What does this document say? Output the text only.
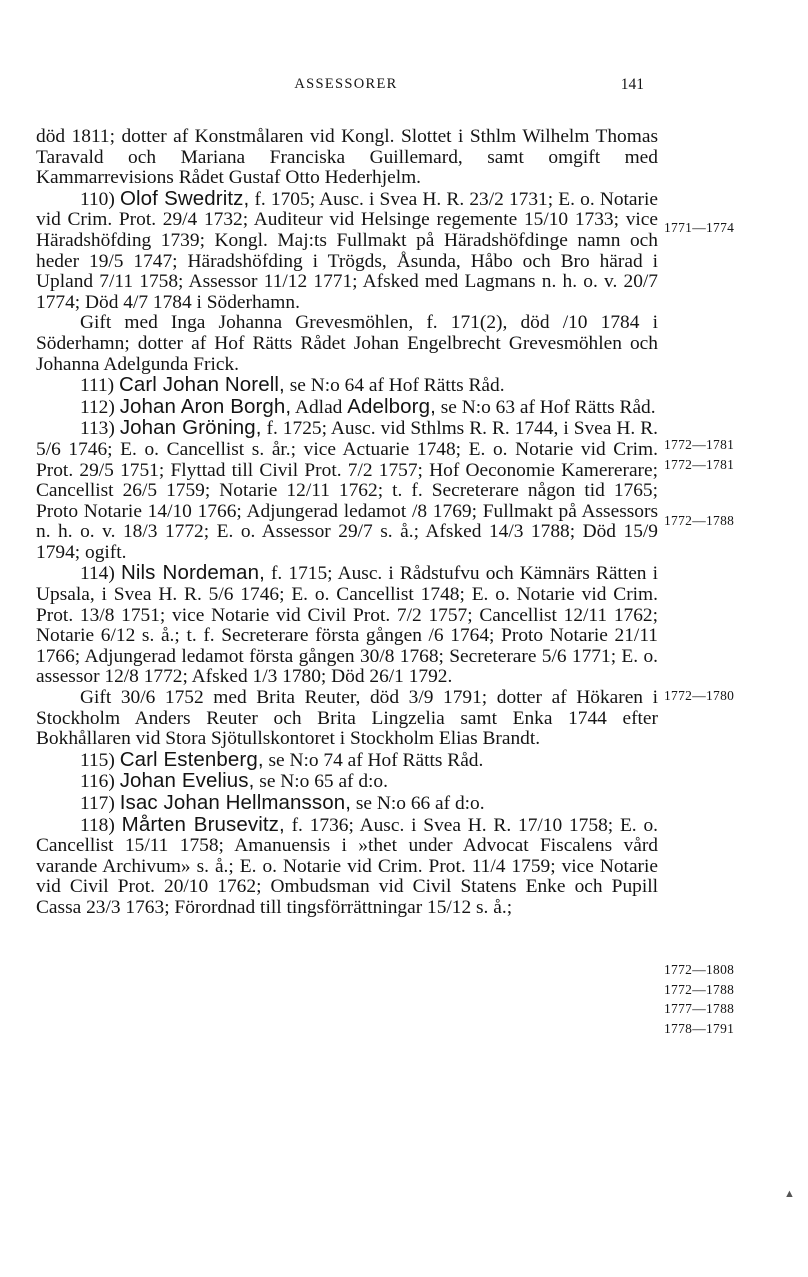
ASSESSORER	141

död 1811; dotter af Konstmålaren vid Kongl. Slottet i Sthlm Wilhelm Thomas Taravald och Mariana Franciska Guillemard, samt omgift med Kammarrevisions Rådet Gustaf Otto Hederhjelm.

110) Olof Swedritz, f. 1705; Ausc. i Svea H. R. 23/2 1731; E. o. Notarie vid Crim. Prot. 29/4 1732; Auditeur vid Helsinge regemente 15/10 1733; vice Häradshöfding 1739; Kongl. Maj:ts Fullmakt på Häradshöfdinge namn och heder 19/5 1747; Häradshöfding i Trögds, Åsunda, Håbo och Bro härad i Upland 7/11 1758; Assessor 11/12 1771; Afsked med Lagmans n. h. o. v. 20/7 1774; Död 4/7 1784 i Söderhamn.

Gift med Inga Johanna Grevesmöhlen, f. 171(2), död /10 1784 i Söderhamn; dotter af Hof Rätts Rådet Johan Engelbrecht Grevesmöhlen och Johanna Adelgunda Frick.

111) Carl Johan Norell, se N:o 64 af Hof Rätts Råd.

112) Johan Aron Borgh, Adlad Adelborg, se N:o 63 af Hof Rätts Råd.

113) Johan Gröning, f. 1725; Ausc. vid Sthlms R. R. 1744, i Svea H. R. 5/6 1746; E. o. Cancellist s. år.; vice Actuarie 1748; E. o. Notarie vid Crim. Prot. 29/5 1751; Flyttad till Civil Prot. 7/2 1757; Hof Oeconomie Kamererare; Cancellist 26/5 1759; Notarie 12/11 1762; t. f. Secreterare någon tid 1765; Proto Notarie 14/10 1766; Adjungerad ledamot /8 1769; Fullmakt på Assessors n. h. o. v. 18/3 1772; E. o. Assessor 29/7 s. å.; Afsked 14/3 1788; Död 15/9 1794; ogift.

114) Nils Nordeman, f. 1715; Ausc. i Rådstufvu och Kämnärs Rätten i Upsala, i Svea H. R. 5/6 1746; E. o. Cancellist 1748; E. o. Notarie vid Crim. Prot. 13/8 1751; vice Notarie vid Civil Prot. 7/2 1757; Cancellist 12/11 1762; Notarie 6/12 s. å.; t. f. Secreterare första gången /6 1764; Proto Notarie 21/11 1766; Adjungerad ledamot första gången 30/8 1768; Secreterare 5/6 1771; E. o. assessor 12/8 1772; Afsked 1/3 1780; Död 26/1 1792.

Gift 30/6 1752 med Brita Reuter, död 3/9 1791; dotter af Hökaren i Stockholm Anders Reuter och Brita Lingzelia samt Enka 1744 efter Bokhållaren vid Stora Sjötullskontoret i Stockholm Elias Brandt.

115) Carl Estenberg, se N:o 74 af Hof Rätts Råd.

116) Johan Evelius, se N:o 65 af d:o.

117) Isac Johan Hellmansson, se N:o 66 af d:o.

118) Mårten Brusevitz, f. 1736; Ausc. i Svea H. R. 17/10 1758; E. o. Cancellist 15/11 1758; Amanuensis i »thet under Advocat Fiscalens vård varande Archivum» s. å.; E. o. Notarie vid Crim. Prot. 11/4 1759; vice Notarie vid Civil Prot. 20/10 1762; Ombudsman vid Civil Statens Enke och Pupill Cassa 23/3 1763; Förordnad till tingsförrättningar 15/12 s. å.;

1771—1774
1772—1781
1772—1781
1772—1788
1772—1780
1772—1808
1772—1788
1777—1788
1778—1791
▲
